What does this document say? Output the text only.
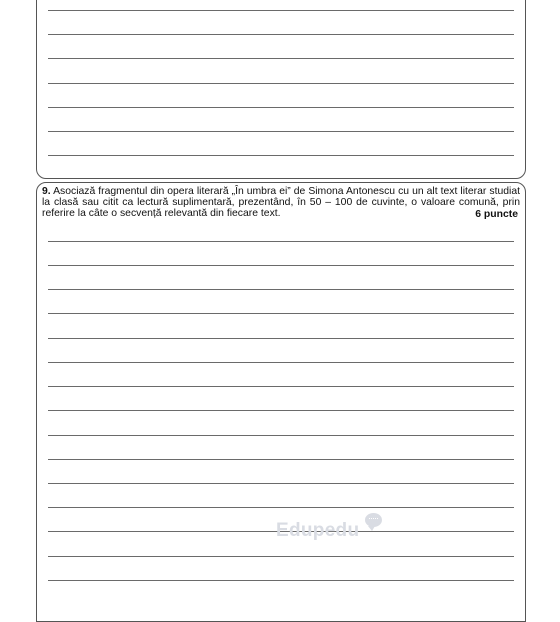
9. Asociază fragmentul din opera literară „În umbra ei” de Simona Antonescu cu un alt text literar studiat la clasă sau citit ca lectură suplimentară, prezentând, în 50 – 100 de cuvinte, o valoare comună, prin referire la câte o secvență relevantă din fiecare text.	6 puncte
Edupedu
